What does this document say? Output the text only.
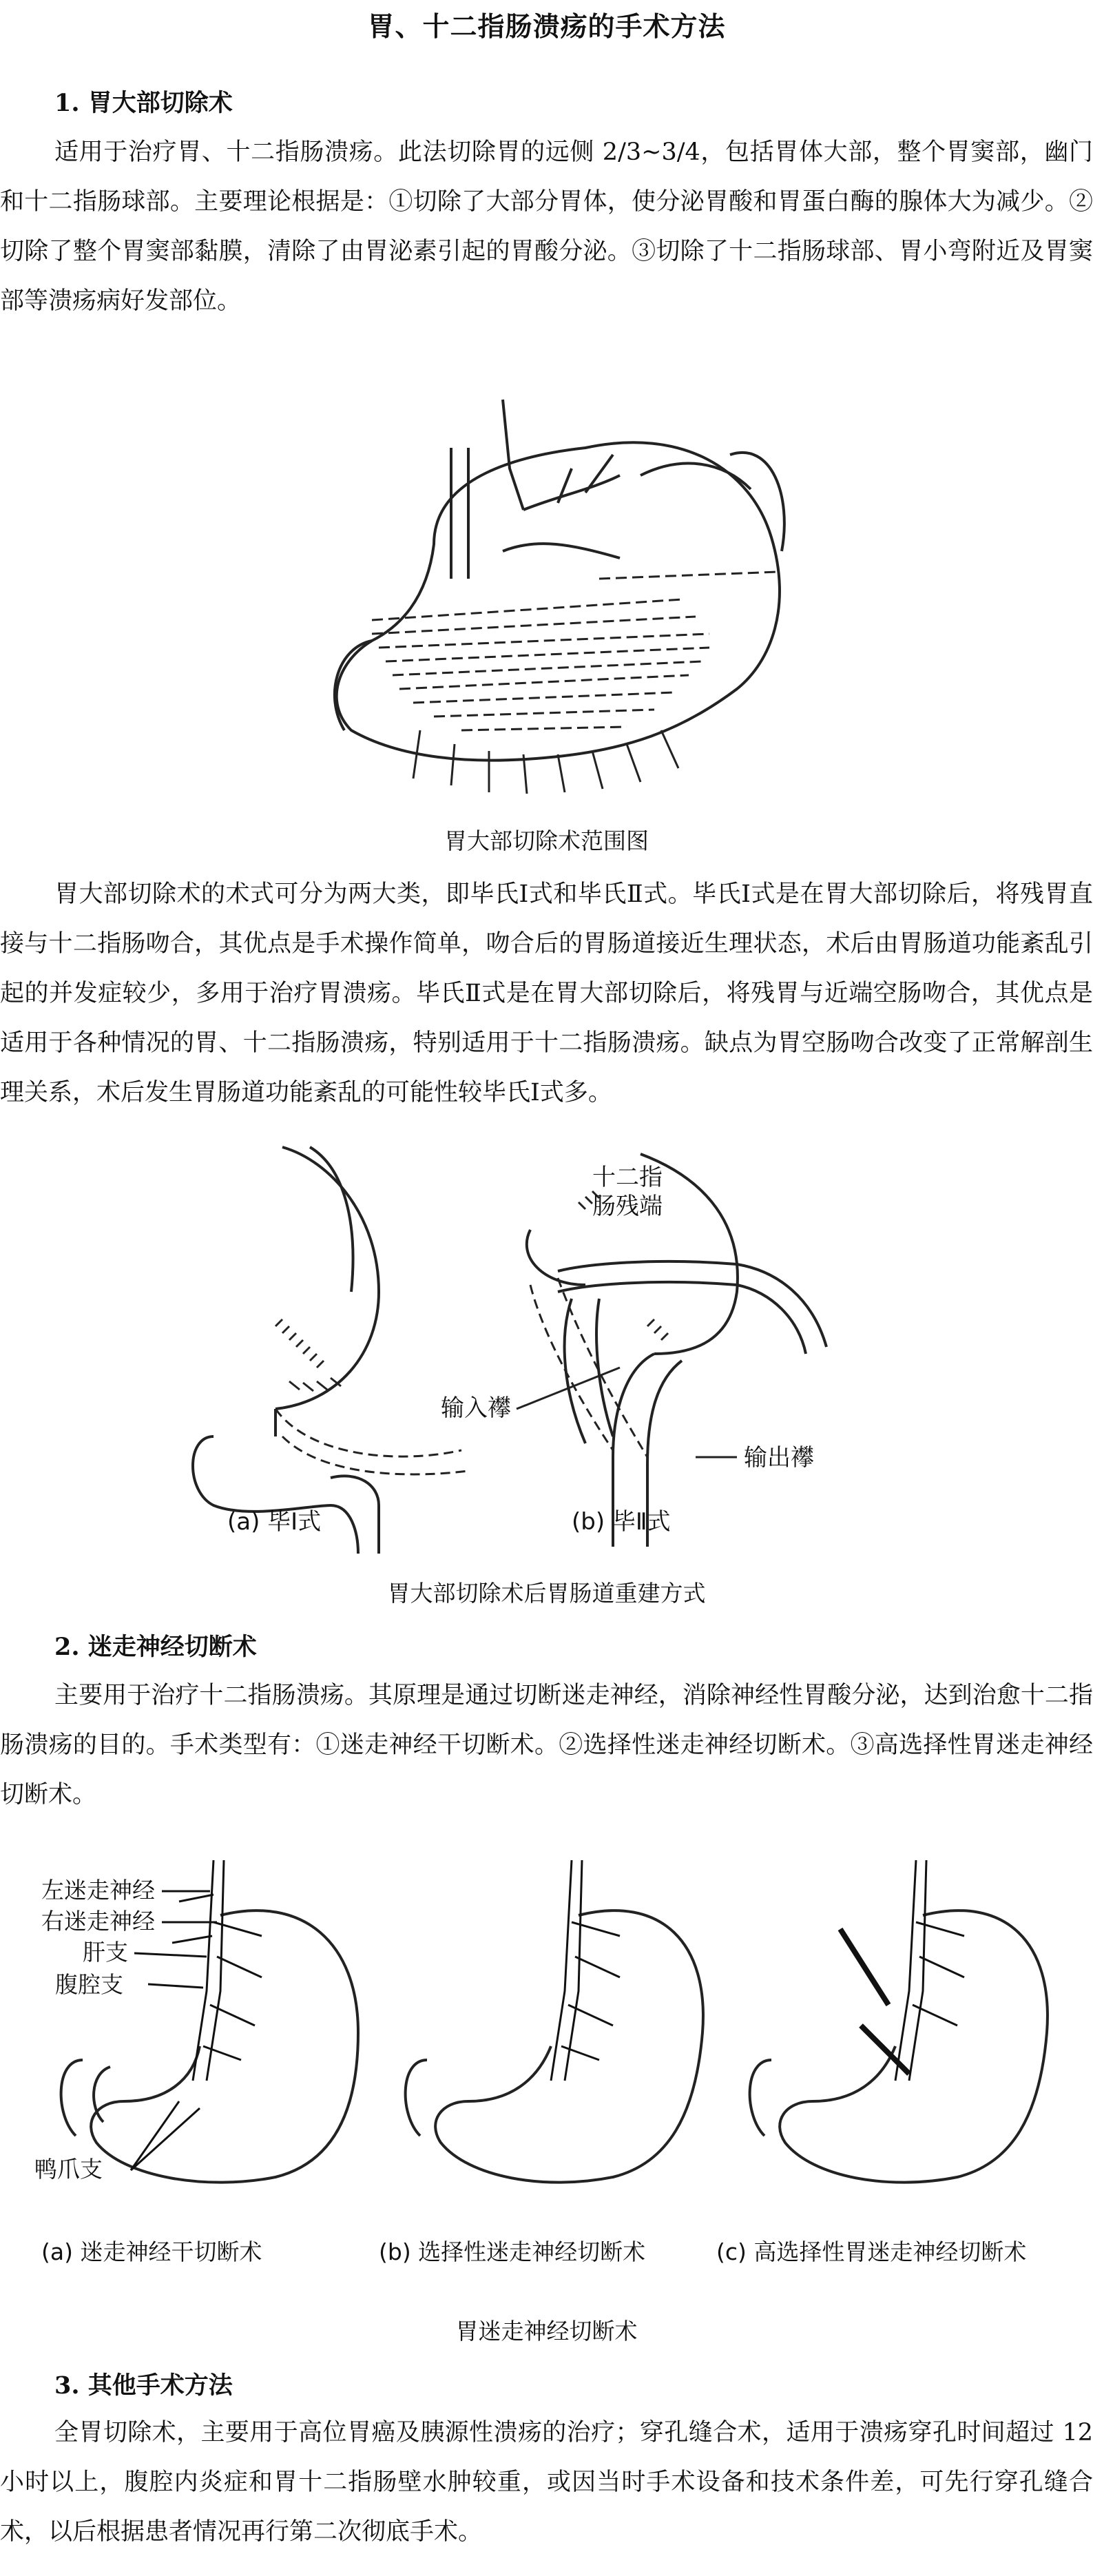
胃、十二指肠溃疡的手术方法
1. 胃大部切除术

适用于治疗胃、十二指肠溃疡。此法切除胃的远侧 2/3~3/4，包括胃体大部，整个胃窦部，幽门和十二指肠球部。主要理论根据是：①切除了大部分胃体，使分泌胃酸和胃蛋白酶的腺体大为减少。②切除了整个胃窦部黏膜，清除了由胃泌素引起的胃酸分泌。③切除了十二指肠球部、胃小弯附近及胃窦部等溃疡病好发部位。

胃大部切除术范围图

胃大部切除术的术式可分为两大类，即毕氏Ⅰ式和毕氏Ⅱ式。毕氏Ⅰ式是在胃大部切除后，将残胃直接与十二指肠吻合，其优点是手术操作简单，吻合后的胃肠道接近生理状态，术后由胃肠道功能紊乱引起的并发症较少，多用于治疗胃溃疡。毕氏Ⅱ式是在胃大部切除后，将残胃与近端空肠吻合，其优点是适用于各种情况的胃、十二指肠溃疡，特别适用于十二指肠溃疡。缺点为胃空肠吻合改变了正常解剖生理关系，术后发生胃肠道功能紊乱的可能性较毕氏Ⅰ式多。

(a) 毕Ⅰ式
十二指
肠残端
输入襻
输出襻
(b) 毕Ⅱ式
胃大部切除术后胃肠道重建方式
2. 迷走神经切断术

主要用于治疗十二指肠溃疡。其原理是通过切断迷走神经，消除神经性胃酸分泌，达到治愈十二指肠溃疡的目的。手术类型有：①迷走神经干切断术。②选择性迷走神经切断术。③高选择性胃迷走神经切断术。

左迷走神经
右迷走神经
肝支
腹腔支
鸭爪支
(a) 迷走神经干切断术	(b) 选择性迷走神经切断术	(c) 高选择性胃迷走神经切断术
胃迷走神经切断术
3. 其他手术方法

全胃切除术，主要用于高位胃癌及胰源性溃疡的治疗；穿孔缝合术，适用于溃疡穿孔时间超过 12 小时以上，腹腔内炎症和胃十二指肠壁水肿较重，或因当时手术设备和技术条件差，可先行穿孔缝合术，以后根据患者情况再行第二次彻底手术。
